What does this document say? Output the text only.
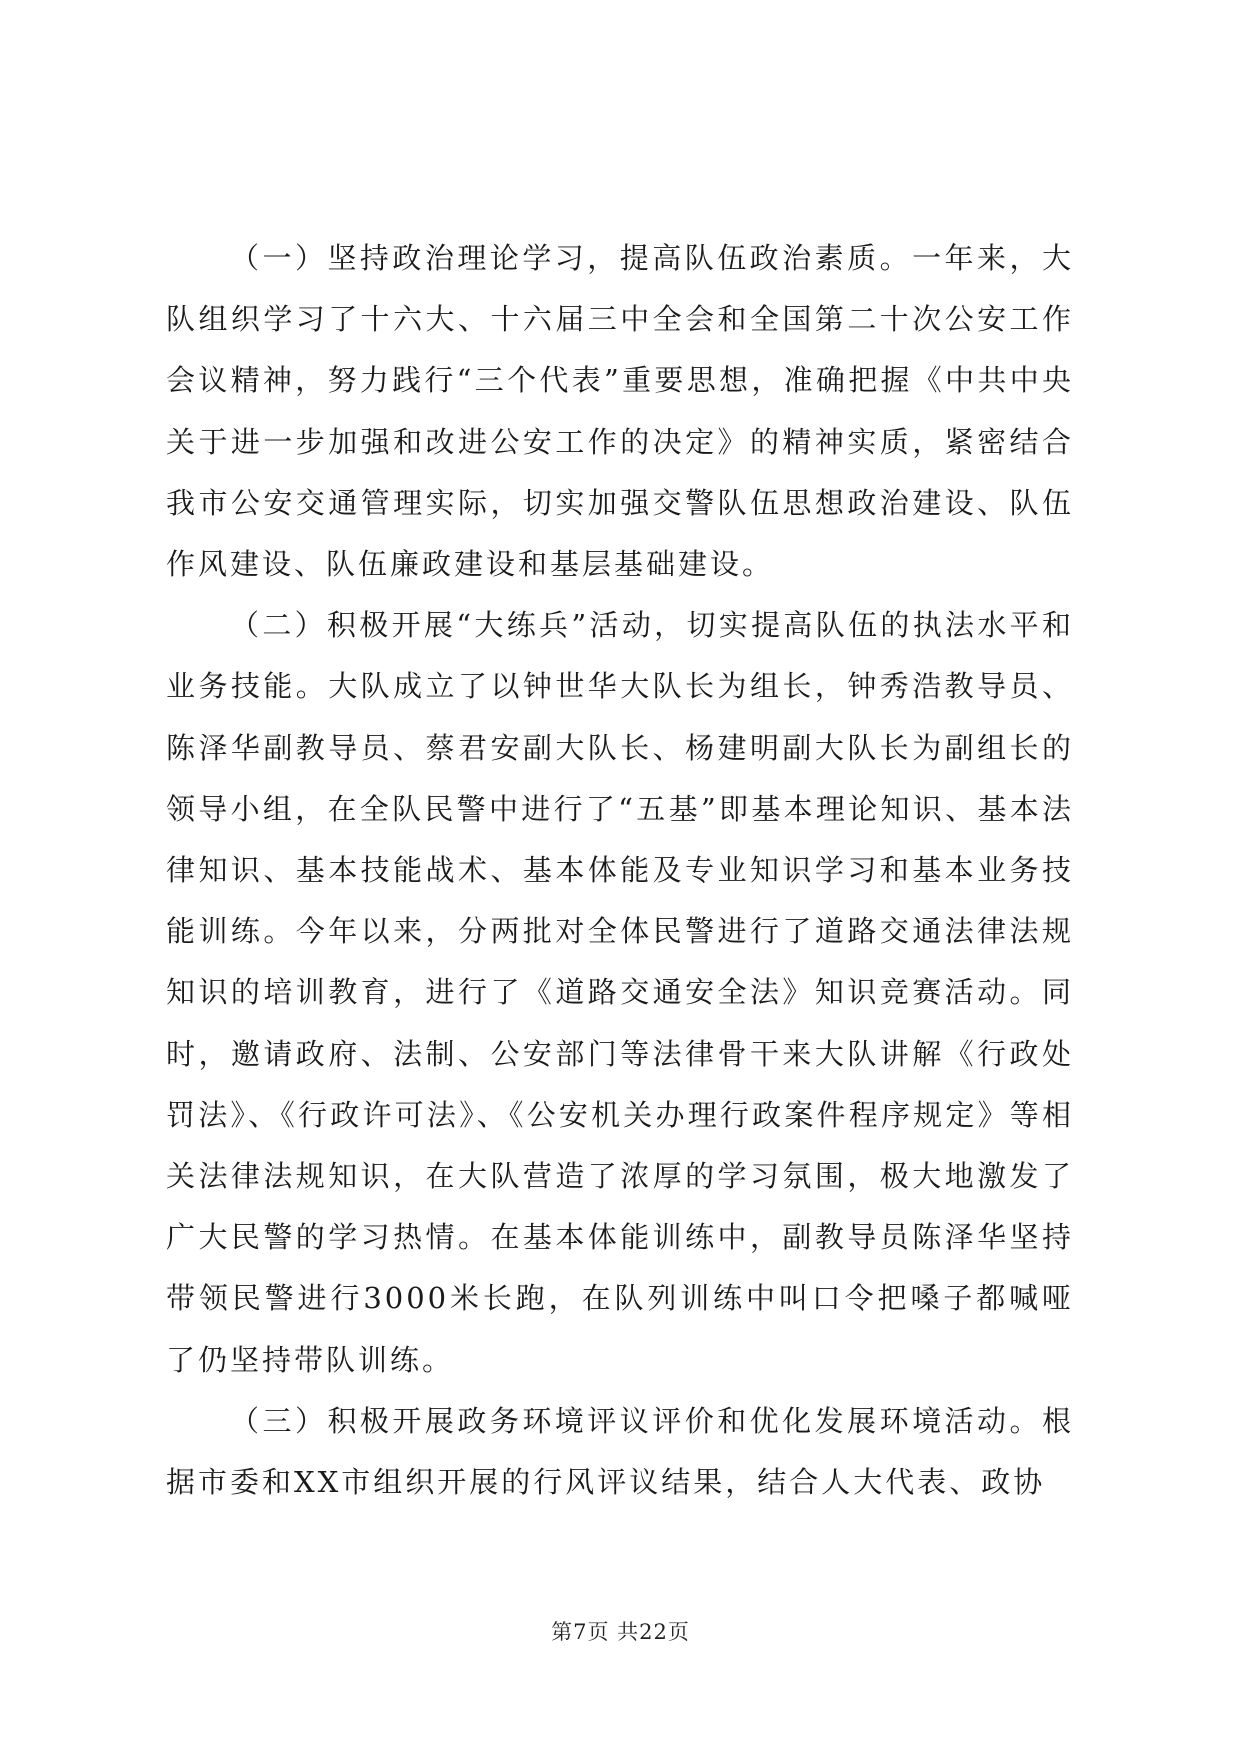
（一）坚持政治理论学习，提高队伍政治素质。一年来，大队组织学习了十六大、十六届三中全会和全国第二十次公安工作会议精神，努力践行“三个代表”重要思想，准确把握《中共中央关于进一步加强和改进公安工作的决定》的精神实质，紧密结合我市公安交通管理实际，切实加强交警队伍思想政治建设、队伍作风建设、队伍廉政建设和基层基础建设。

（二）积极开展“大练兵”活动，切实提高队伍的执法水平和业务技能。大队成立了以钟世华大队长为组长，钟秀浩教导员、陈泽华副教导员、蔡君安副大队长、杨建明副大队长为副组长的领导小组，在全队民警中进行了“五基”即基本理论知识、基本法律知识、基本技能战术、基本体能及专业知识学习和基本业务技能训练。今年以来，分两批对全体民警进行了道路交通法律法规知识的培训教育，进行了《道路交通安全法》知识竞赛活动。同时，邀请政府、法制、公安部门等法律骨干来大队讲解《行政处罚法》、《行政许可法》、《公安机关办理行政案件程序规定》等相关法律法规知识，在大队营造了浓厚的学习氛围，极大地激发了广大民警的学习热情。在基本体能训练中，副教导员陈泽华坚持带领民警进行3000米长跑，在队列训练中叫口令把嗓子都喊哑了仍坚持带队训练。

（三）积极开展政务环境评议评价和优化发展环境活动。根据市委和XX市组织开展的行风评议结果，结合人大代表、政协

第7页 共22页
